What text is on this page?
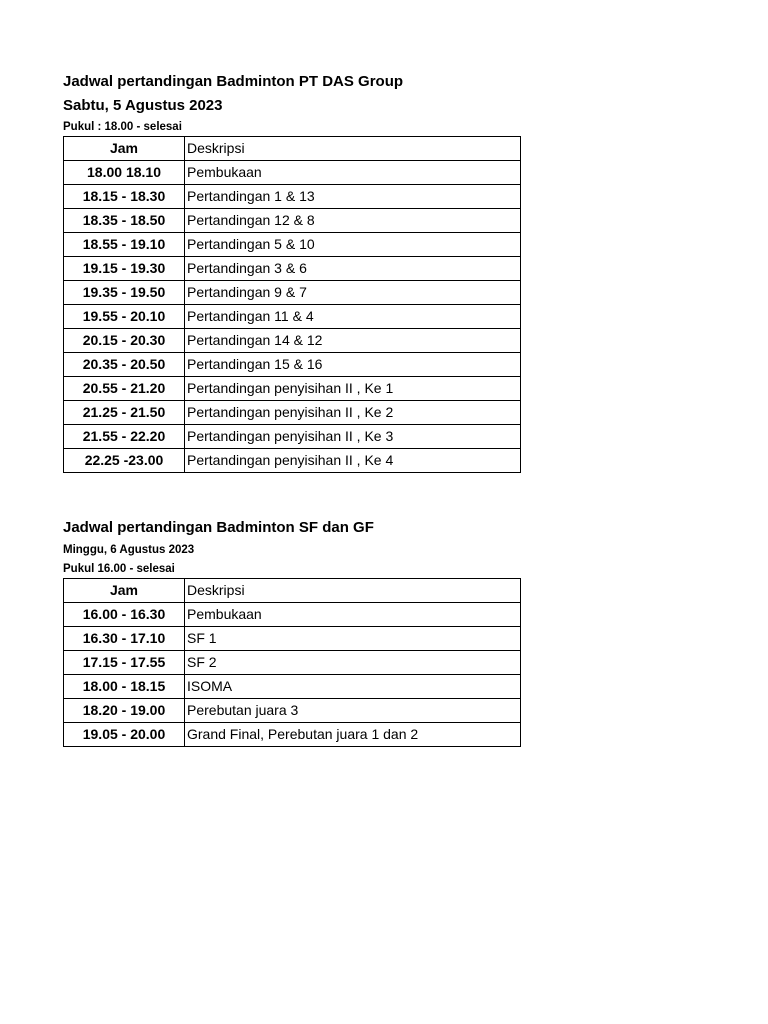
Jadwal pertandingan Badminton PT DAS Group
Sabtu, 5 Agustus 2023
Pukul : 18.00 - selesai
Jam	Deskripsi
18.00 18.10	Pembukaan
18.15 - 18.30	Pertandingan 1 & 13
18.35 - 18.50	Pertandingan 12 & 8
18.55 - 19.10	Pertandingan 5 & 10
19.15 - 19.30	Pertandingan 3 & 6
19.35 - 19.50	Pertandingan 9 & 7
19.55 - 20.10	Pertandingan 11 & 4
20.15 - 20.30	Pertandingan 14 & 12
20.35 - 20.50	Pertandingan 15 & 16
20.55 - 21.20	Pertandingan penyisihan II , Ke 1
21.25 - 21.50	Pertandingan penyisihan II , Ke 2
21.55 - 22.20	Pertandingan penyisihan II , Ke 3
22.25 -23.00	Pertandingan penyisihan II , Ke 4
Jadwal pertandingan Badminton SF dan GF
Minggu, 6 Agustus 2023
Pukul 16.00 - selesai
Jam	Deskripsi
16.00 - 16.30	Pembukaan
16.30 - 17.10	SF 1
17.15 - 17.55	SF 2
18.00 - 18.15	ISOMA
18.20 - 19.00	Perebutan juara 3
19.05 - 20.00	Grand Final, Perebutan juara 1 dan 2
